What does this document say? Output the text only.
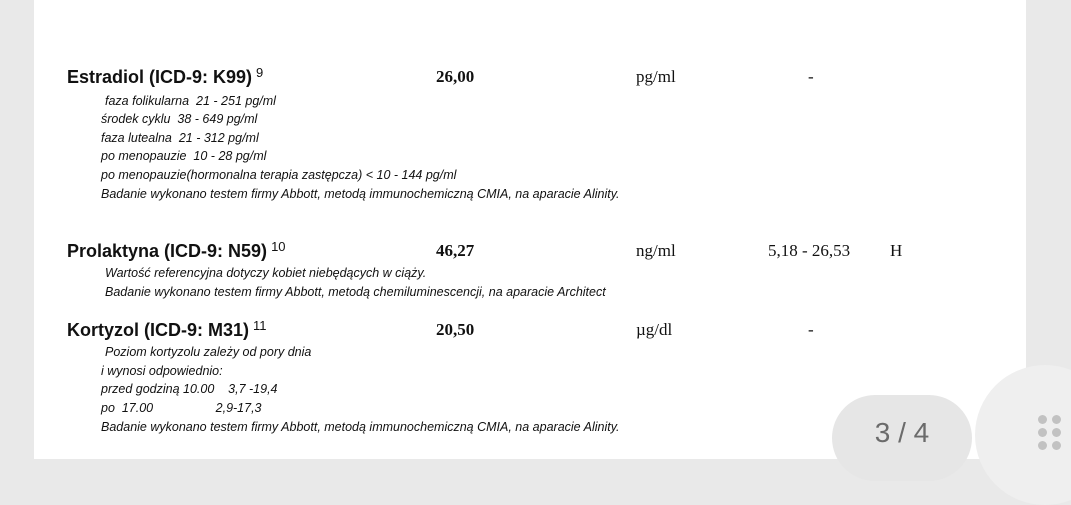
Estradiol (ICD-9: K99) $^9$	26,00	pg/ml	-
faza folikularna  21 - 251 pg/ml
środek cyklu  38 - 649 pg/ml
faza lutealna  21 - 312 pg/ml
po menopauzie  10 - 28 pg/ml
po menopauzie(hormonalna terapia zastępcza) < 10 - 144 pg/ml
Badanie wykonano testem firmy Abbott, metodą immunochemiczną CMIA, na aparacie Alinity.
Prolaktyna (ICD-9: N59) $^{10}$	46,27	ng/ml	5,18 - 26,53 H
Wartość referencyjna dotyczy kobiet niebędących w ciąży.
Badanie wykonano testem firmy Abbott, metodą chemiluminescencji, na aparacie Architect
Kortyzol (ICD-9: M31) $^{11}$	20,50	µg/dl	-
Poziom kortyzolu zależy od pory dnia
i wynosi odpowiednio:
przed godziną 10.00    3,7 -19,4
po  17.00                  2,9-17,3
Badanie wykonano testem firmy Abbott, metodą immunochemiczną CMIA, na aparacie Alinity.	3 / 4
